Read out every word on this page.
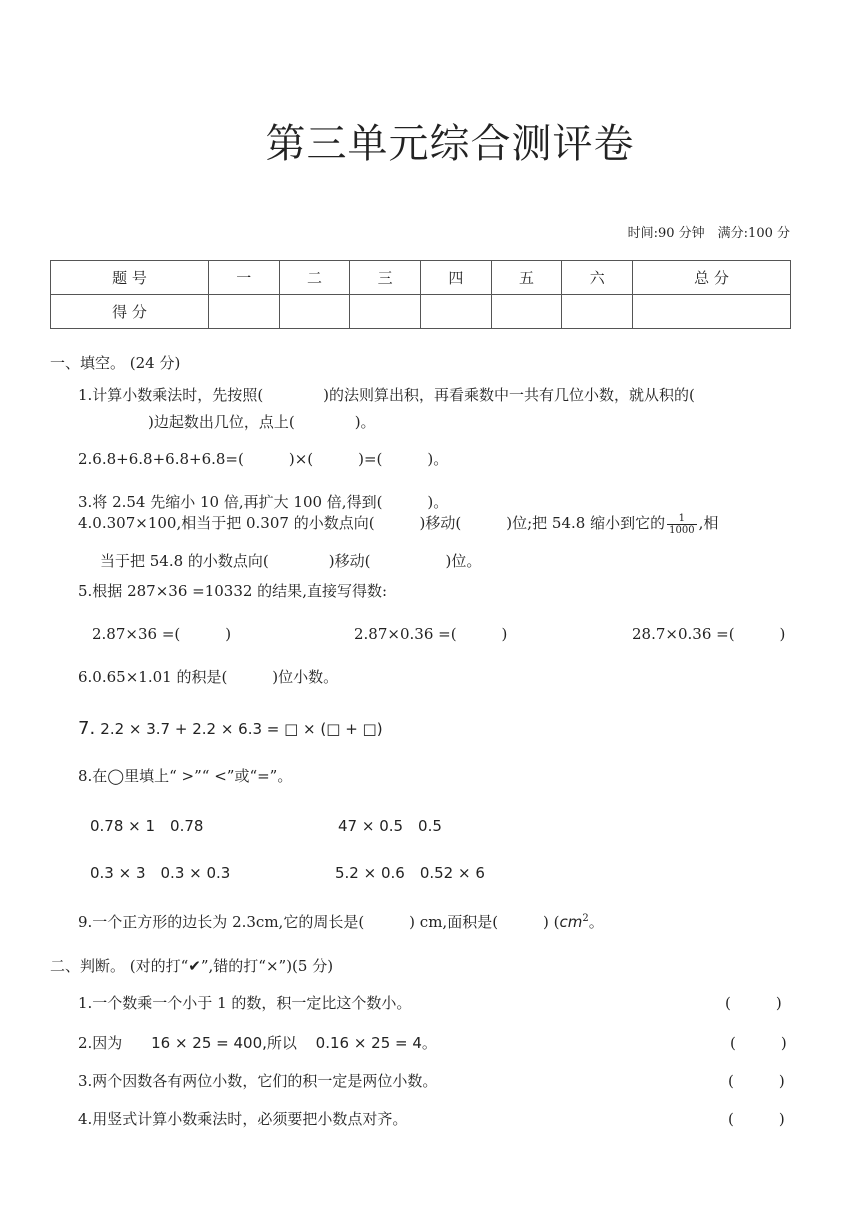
第三单元综合测评卷
时间:90 分钟　满分:100 分
题 号	一	二	三	四	五	六	总 分
得 分							
一、填空。 (24 分)
1.计算小数乘法时，先按照(　　　　)的法则算出积，再看乘数中一共有几位小数，就从积的(
)边起数出几位，点上(　　　　)。
2.6.8+6.8+6.8+6.8=(　　　)×(　　　)=(　　　)。
3.将 2.54 先缩小 10 倍,再扩大 100 倍,得到(　　　)。
4.0.307×100,相当于把 0.307 的小数点向(　　　)移动(　　　)位;把 54.8 缩小到它的 $\frac{1}{1000}$ ,相
当于把 54.8 的小数点向(　　　　)移动(　　　　　)位。
5.根据 287×36 =10332 的结果,直接写得数:
2.87×36 =(　　　)	2.87×0.36 =(　　　)	28.7×0.36 =(　　　)
6.0.65×1.01 的积是(　　　)位小数。
7. 2.2 × 3.7 + 2.2 × 6.3 = □ × (□ + □)
8.在◯里填上“ >”“ <”或“=”。
0.78 × 1　0.78	47 × 0.5　0.5
0.3 × 3　0.3 × 0.3	5.2 × 0.6　0.52 × 6
9.一个正方形的边长为 2.3cm,它的周长是(　　　) cm,面积是(　　　) ($cm^2$。
二、判断。 (对的打“✔”,错的打“×”)(5 分)
1.一个数乘一个小于 1 的数，积一定比这个数小。	(　　　)
2.因为 16 × 25 = 400,所以 0.16 × 25 = 4。	(　　　)
3.两个因数各有两位小数，它们的积一定是两位小数。	(　　　)
4.用竖式计算小数乘法时，必须要把小数点对齐。	(　　　)
